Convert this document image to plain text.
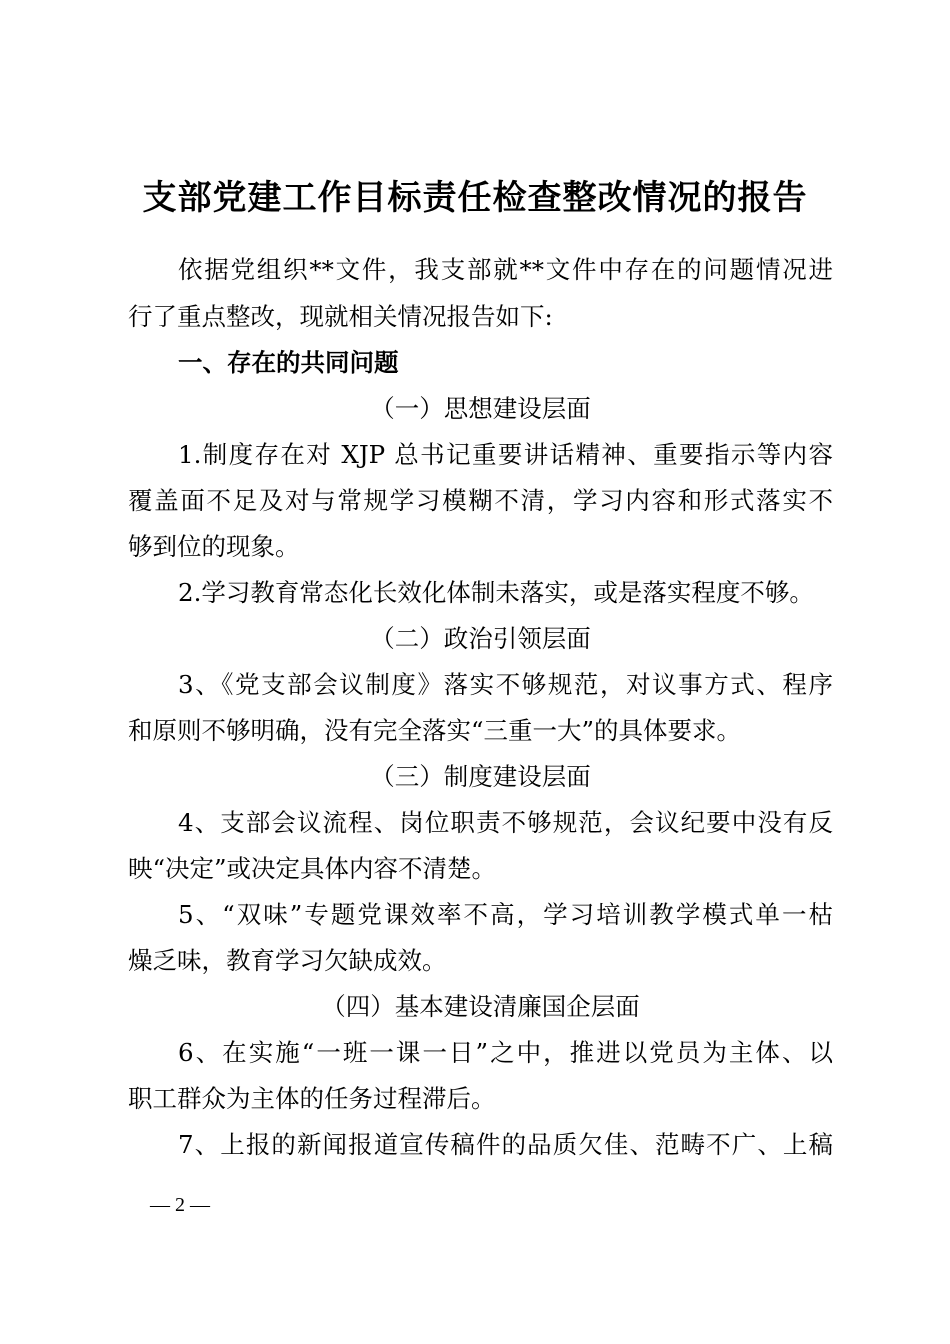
支部党建工作目标责任检查整改情况的报告
依据党组织**文件，我支部就**文件中存在的问题情况进
行了重点整改，现就相关情况报告如下:
一、存在的共同问题
（一）思想建设层面
1.制度存在对 XJP 总书记重要讲话精神、重要指示等内容
覆盖面不足及对与常规学习模糊不清，学习内容和形式落实不
够到位的现象。
2.学习教育常态化长效化体制未落实，或是落实程度不够。
（二）政治引领层面
3、《党支部会议制度》落实不够规范，对议事方式、程序
和原则不够明确，没有完全落实“三重一大”的具体要求。
（三）制度建设层面
4、支部会议流程、岗位职责不够规范，会议纪要中没有反
映“决定”或决定具体内容不清楚。
5、“双味”专题党课效率不高，学习培训教学模式单一枯
燥乏味，教育学习欠缺成效。
（四）基本建设清廉国企层面
6、在实施“一班一课一日”之中，推进以党员为主体、以
职工群众为主体的任务过程滞后。
7、上报的新闻报道宣传稿件的品质欠佳、范畴不广、上稿
— 2 —
